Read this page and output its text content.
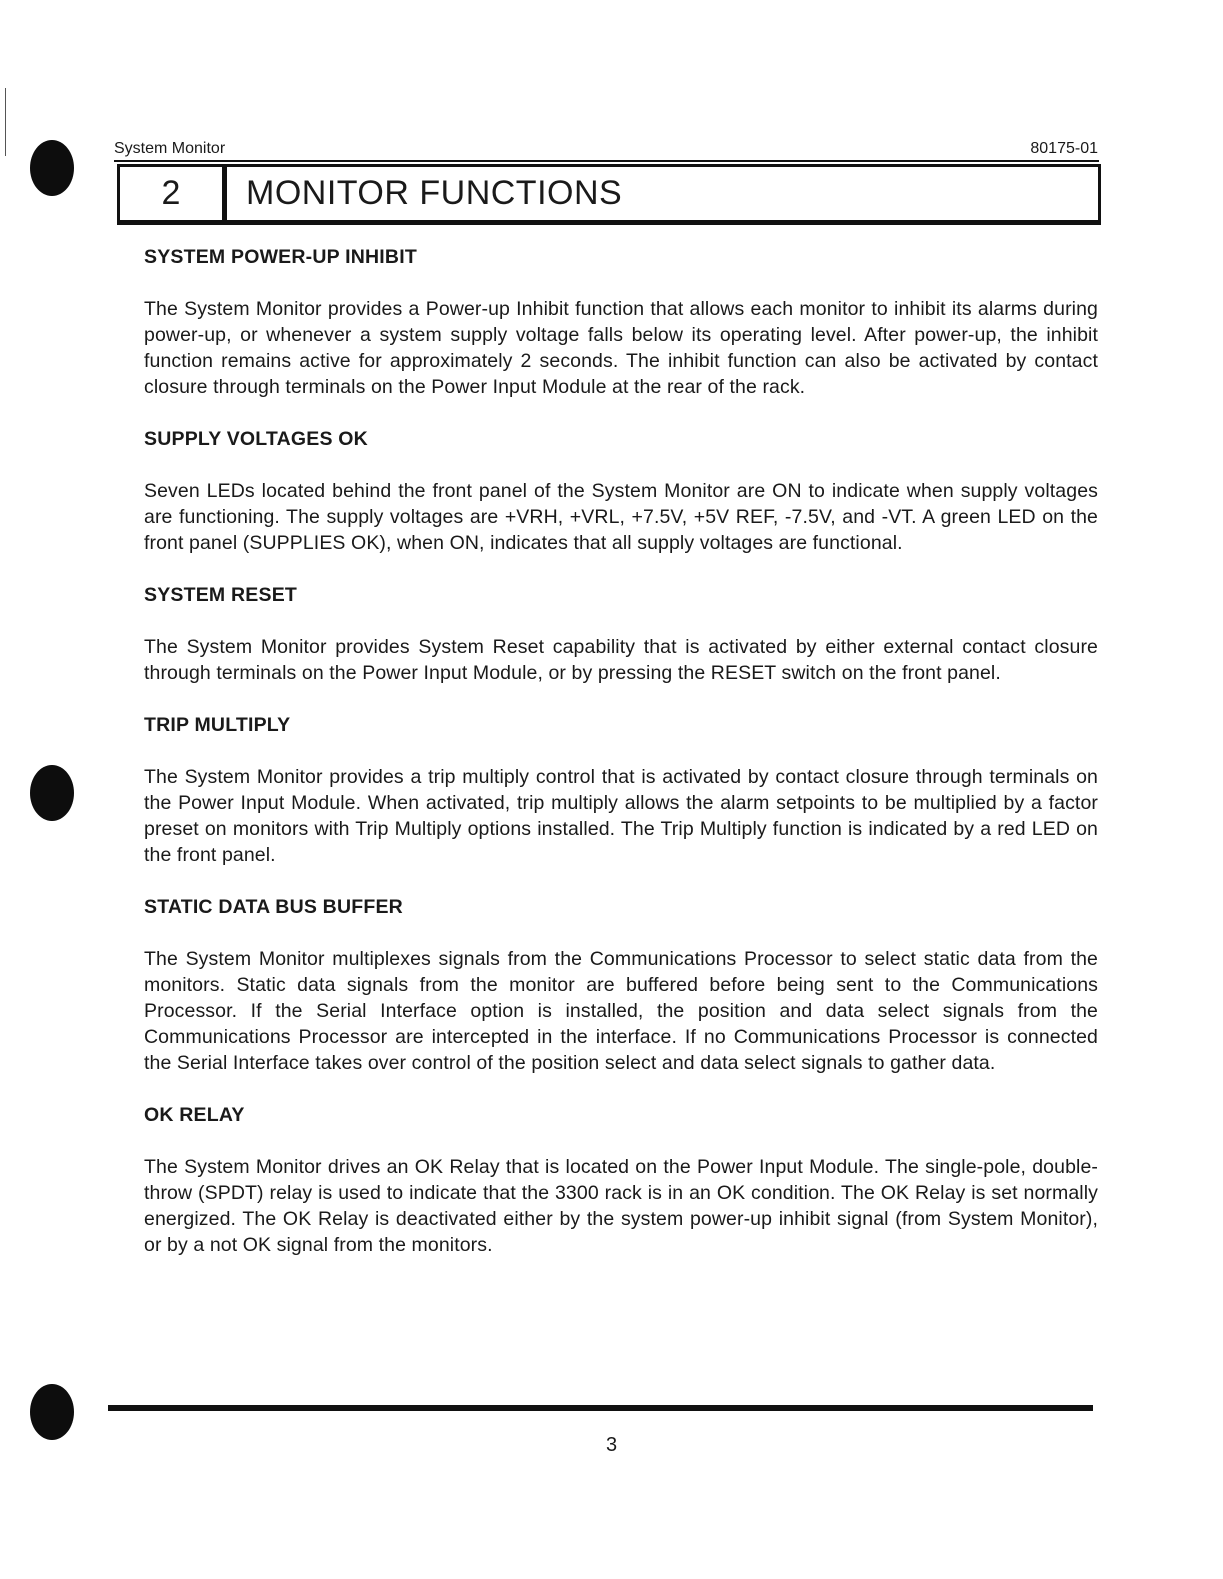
System Monitor	80175-01
2	MONITOR FUNCTIONS
SYSTEM POWER-UP INHIBIT

The System Monitor provides a Power-up Inhibit function that allows each monitor to inhibit its alarms during power-up, or whenever a system supply voltage falls below its operating level. After power-up, the inhibit function remains active for approximately 2 seconds. The inhibit function can also be activated by contact closure through terminals on the Power Input Module at the rear of the rack.

SUPPLY VOLTAGES OK

Seven LEDs located behind the front panel of the System Monitor are ON to indicate when supply voltages are functioning. The supply voltages are +VRH, +VRL, +7.5V, +5V REF, -7.5V, and -VT. A green LED on the front panel (SUPPLIES OK), when ON, indicates that all supply voltages are functional.

SYSTEM RESET

The System Monitor provides System Reset capability that is activated by either external contact closure through terminals on the Power Input Module, or by pressing the RESET switch on the front panel.

TRIP MULTIPLY

The System Monitor provides a trip multiply control that is activated by contact closure through terminals on the Power Input Module. When activated, trip multiply allows the alarm setpoints to be multiplied by a factor preset on monitors with Trip Multiply options installed. The Trip Multiply function is indicated by a red LED on the front panel.

STATIC DATA BUS BUFFER

The System Monitor multiplexes signals from the Communications Processor to select static data from the monitors. Static data signals from the monitor are buffered before being sent to the Communications Processor. If the Serial Interface option is installed, the position and data select signals from the Communications Processor are intercepted in the interface. If no Communications Processor is connected the Serial Interface takes over control of the position select and data select signals to gather data.

OK RELAY

The System Monitor drives an OK Relay that is located on the Power Input Module. The single-pole, double-throw (SPDT) relay is used to indicate that the 3300 rack is in an OK condition. The OK Relay is set normally energized. The OK Relay is deactivated either by the system power-up inhibit signal (from System Monitor), or by a not OK signal from the monitors.

3
